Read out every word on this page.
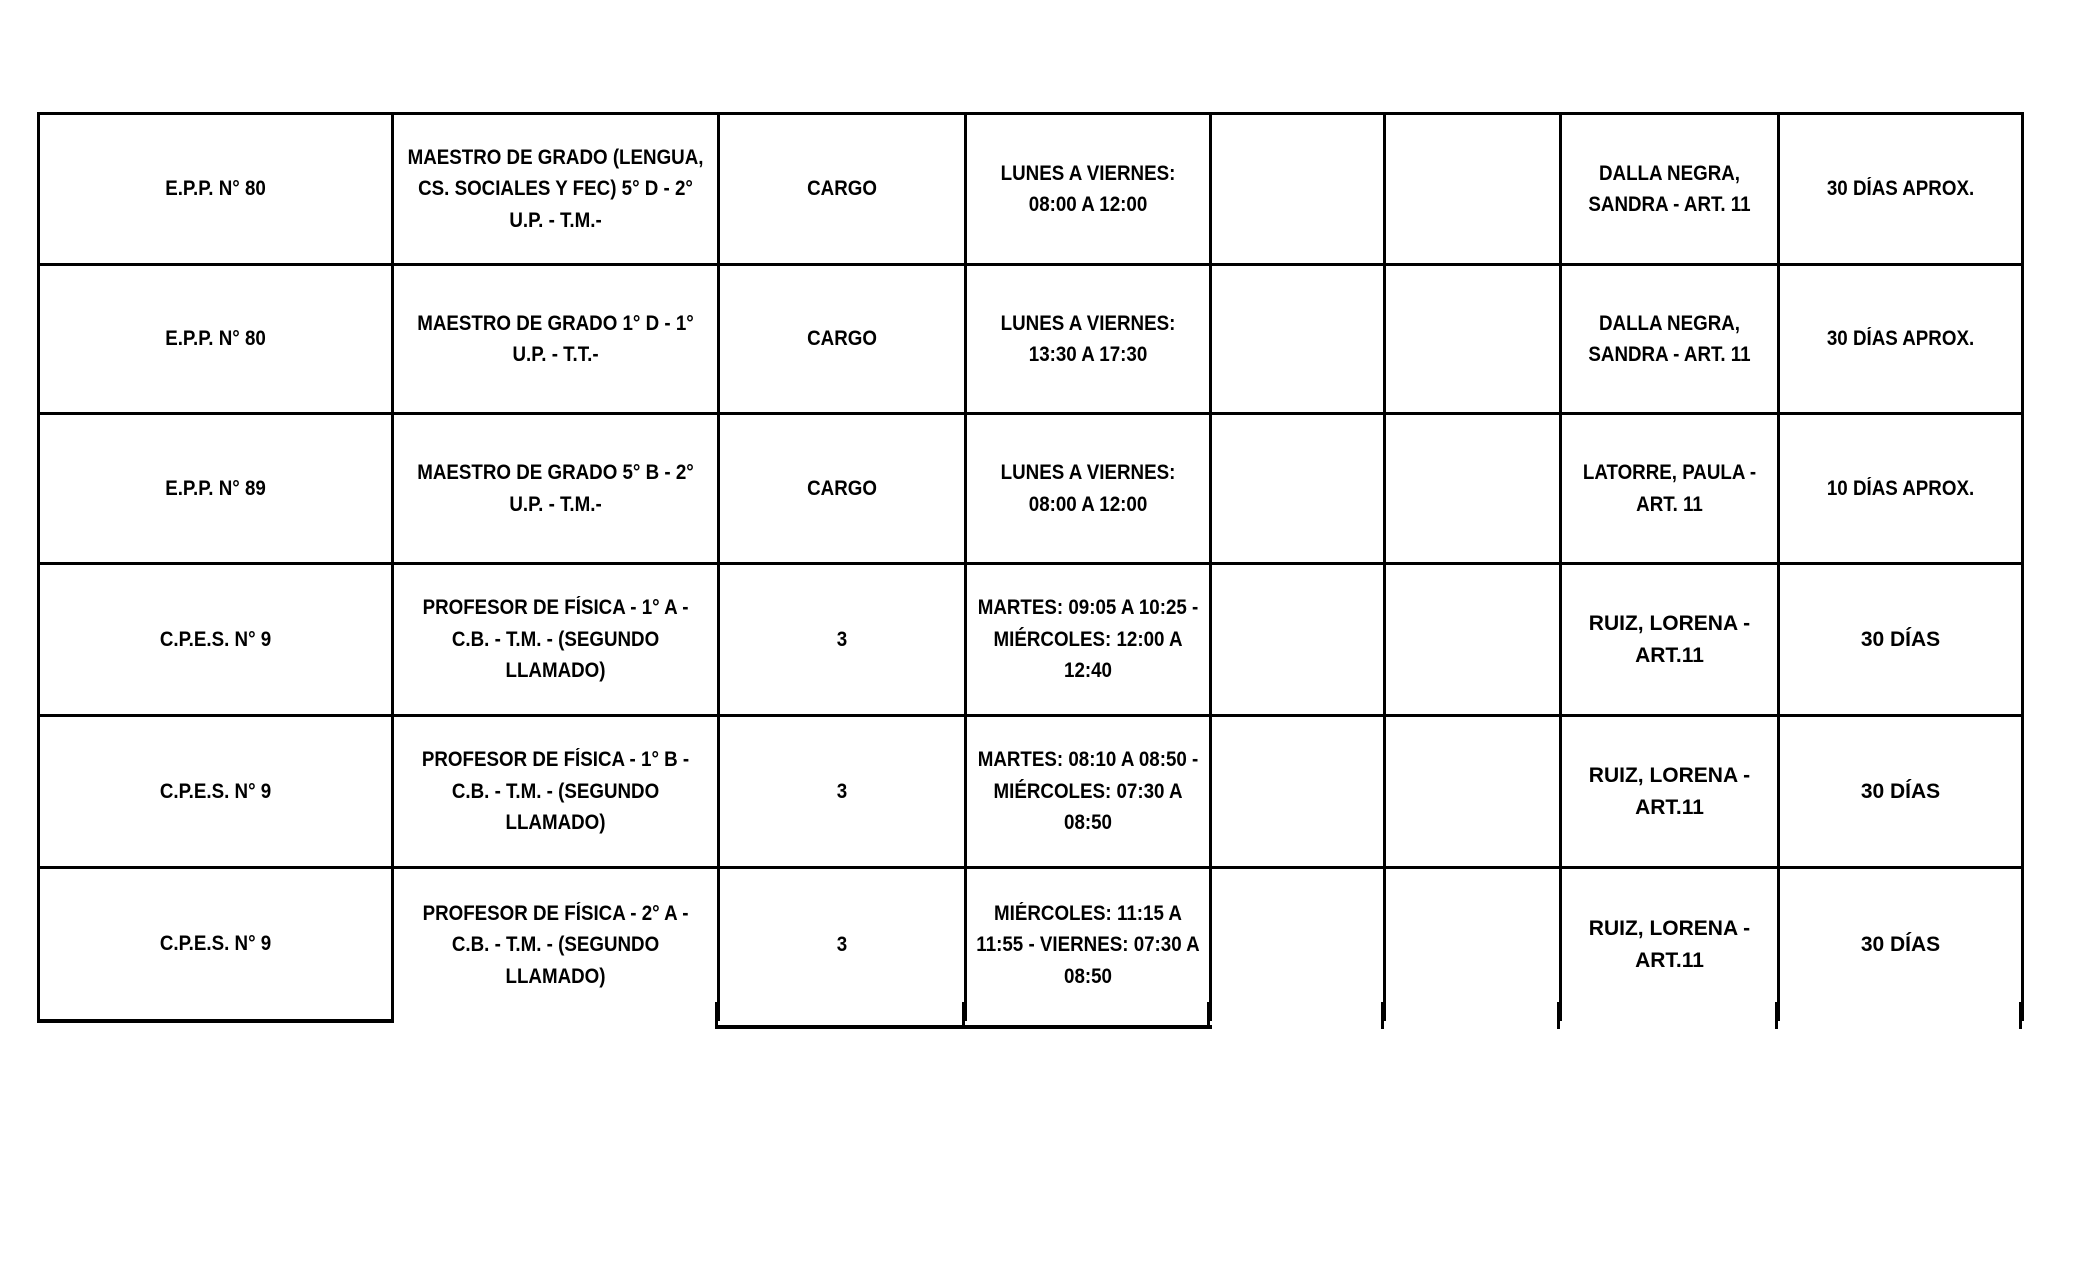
E.P.P. N° 80	MAESTRO DE GRADO (LENGUA, CS. SOCIALES Y FEC) 5° D - 2° U.P. - T.M.-	CARGO	LUNES A VIERNES: 08:00 A 12:00			DALLA NEGRA, SANDRA - ART. 11	30 DÍAS APROX.

E.P.P. N° 80	MAESTRO DE GRADO 1° D - 1° U.P. - T.T.-	CARGO	LUNES A VIERNES: 13:30 A 17:30			DALLA NEGRA, SANDRA - ART. 11	30 DÍAS APROX.

E.P.P. N° 89	MAESTRO DE GRADO 5° B - 2° U.P. - T.M.-	CARGO	LUNES A VIERNES: 08:00 A 12:00			LATORRE, PAULA - ART. 11	10 DÍAS APROX.

C.P.E.S. N° 9	PROFESOR DE FÍSICA - 1° A - C.B. - T.M. - (SEGUNDO LLAMADO)	3	MARTES: 09:05 A 10:25 - MIÉRCOLES: 12:00 A 12:40			RUIZ, LORENA - ART.11	30 DÍAS

C.P.E.S. N° 9	PROFESOR DE FÍSICA - 1° B - C.B. - T.M. - (SEGUNDO LLAMADO)	3	MARTES: 08:10 A 08:50 - MIÉRCOLES: 07:30 A 08:50			RUIZ, LORENA - ART.11	30 DÍAS

C.P.E.S. N° 9	PROFESOR DE FÍSICA - 2° A - C.B. - T.M. - (SEGUNDO LLAMADO)	3	MIÉRCOLES: 11:15 A 11:55 - VIERNES: 07:30 A 08:50			RUIZ, LORENA - ART.11	30 DÍAS
